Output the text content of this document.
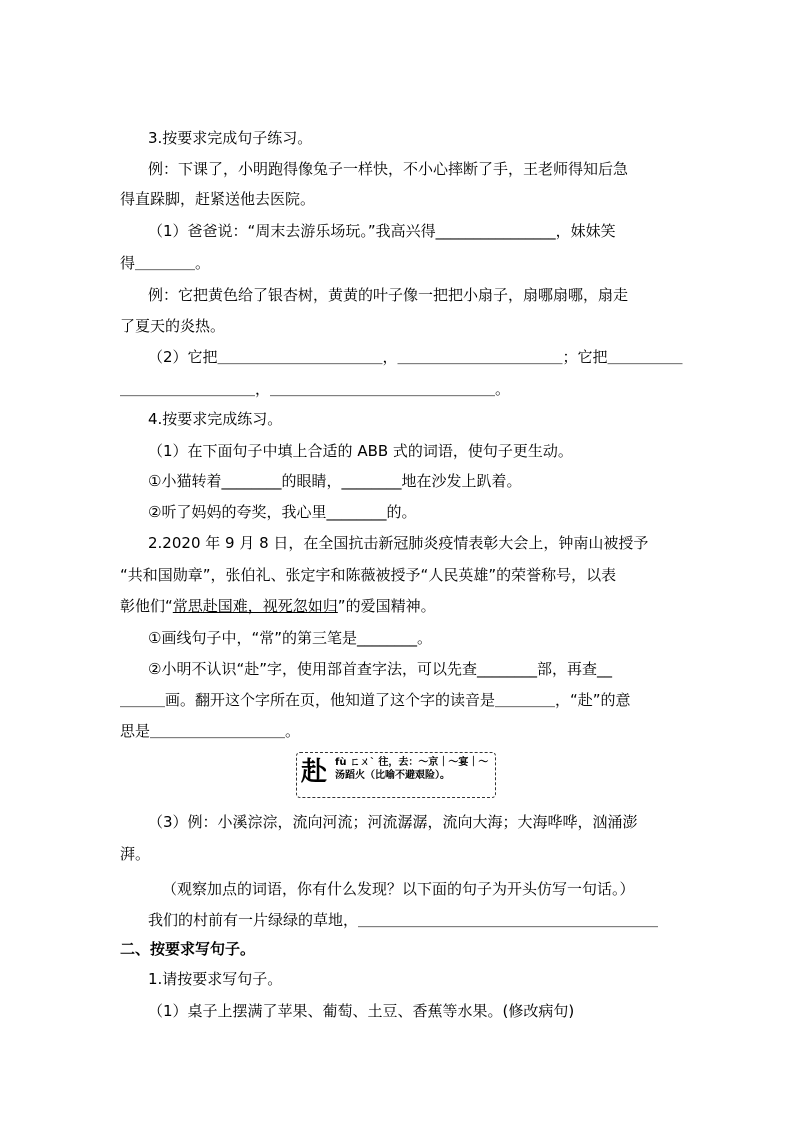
3.按要求完成句子练习。
例：下课了，小明跑得像兔子一样快，不小心摔断了手，王老师得知后急
得直跺脚，赶紧送他去医院。
（1）爸爸说：“周末去游乐场玩。”我高兴得________________，妹妹笑
得＿＿＿＿。
例：它把黄色给了银杏树，黄黄的叶子像一把把小扇子，扇哪扇哪，扇走
了夏天的炎热。
（2）它把＿＿＿＿＿＿＿＿＿＿＿，＿＿＿＿＿＿＿＿＿＿＿；它把＿＿＿＿＿
＿＿＿＿＿＿＿＿＿，＿＿＿＿＿＿＿＿＿＿＿＿＿＿＿。
4.按要求完成练习。
（1）在下面句子中填上合适的 ABB 式的词语，使句子更生动。
①小猫转着________的眼睛，________地在沙发上趴着。
②听了妈妈的夸奖，我心里________的。
2.2020 年 9 月 8 日，在全国抗击新冠肺炎疫情表彰大会上，钟南山被授予
“共和国勋章”，张伯礼、张定宇和陈薇被授予“人民英雄”的荣誉称号，以表
彰他们“常思赴国难，视死忽如归”的爱国精神。
①画线句子中，“常”的第三笔是________。
②小明不认识“赴”字，使用部首查字法，可以先查________部，再查__
＿＿＿画。翻开这个字所在页，他知道了这个字的读音是＿＿＿＿，“赴”的意
思是＿＿＿＿＿＿＿＿＿。
赴 fù ㄈㄨˋ 往，去：～京｜～宴｜～汤蹈火（比喻不避艰险）。
（3）例：小溪淙淙，流向河流；河流潺潺，流向大海；大海哗哗，汹涌澎
湃。
（观察加点的词语，你有什么发现？以下面的句子为开头仿写一句话。）
我们的村前有一片绿绿的草地，＿＿＿＿＿＿＿＿＿＿＿＿＿＿＿＿＿＿＿＿
二、按要求写句子。
1.请按要求写句子。
（1）桌子上摆满了苹果、葡萄、土豆、香蕉等水果。(修改病句)
